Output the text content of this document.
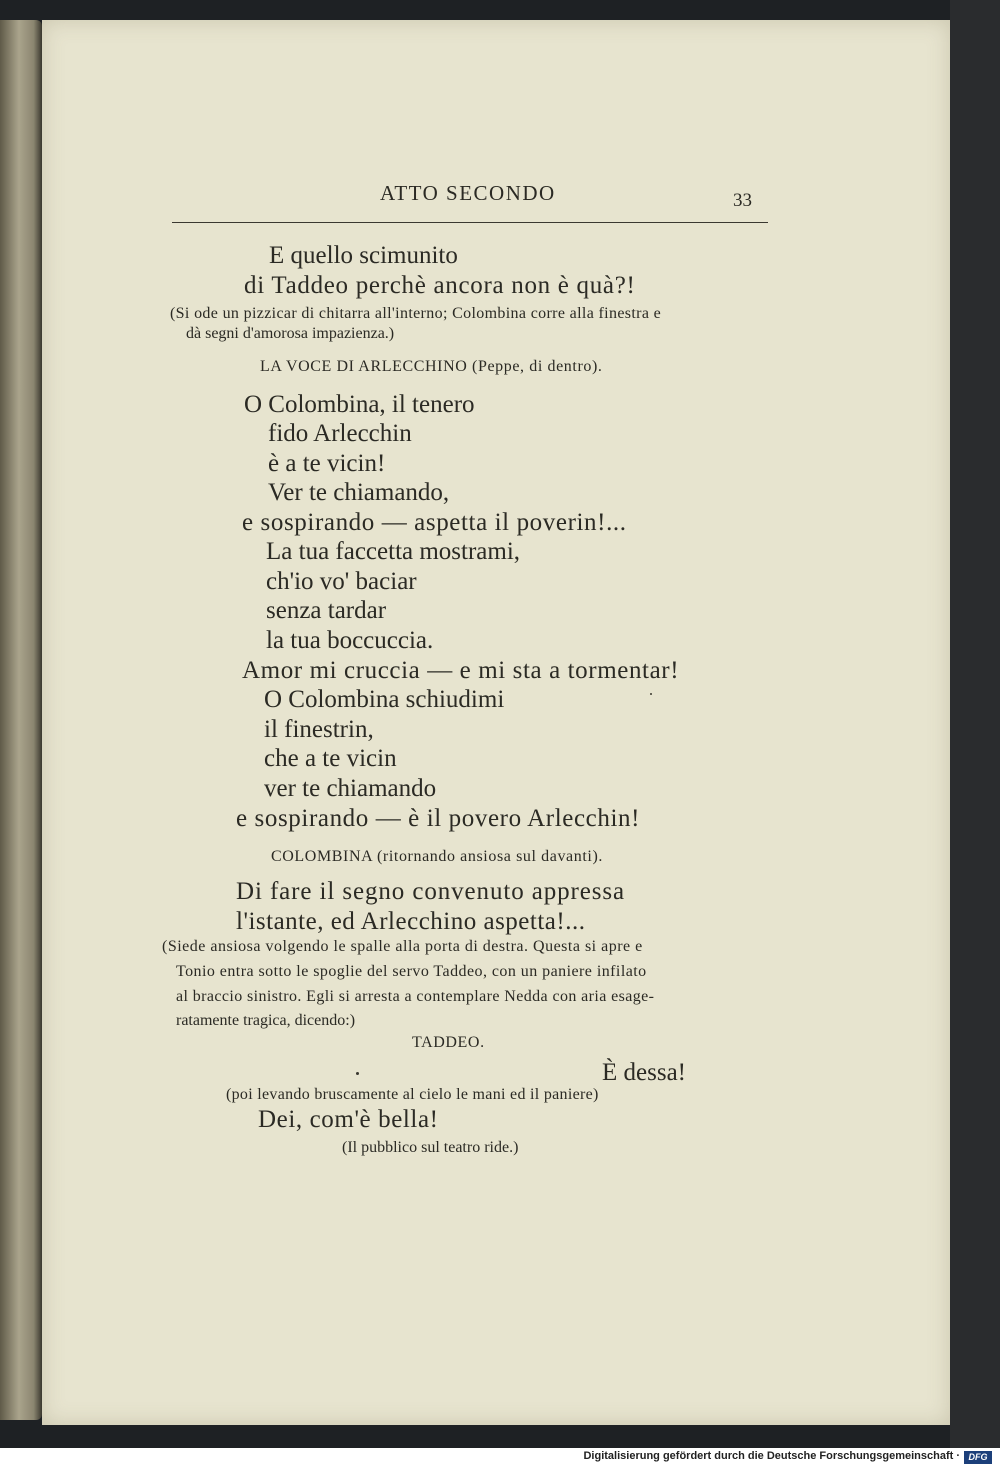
ATTO SECONDO	33
E quello scimunito
di Taddeo perchè ancora non è quà?!
(Si ode un pizzicar di chitarra all'interno; Colombina corre alla finestra e
dà segni d'amorosa impazienza.)
LA VOCE DI ARLECCHINO (Peppe, di dentro).
O Colombina, il tenero
fido Arlecchin
è a te vicin!
Ver te chiamando,
e sospirando — aspetta il poverin!...
La tua faccetta mostrami,
ch'io vo' baciar
senza tardar
la tua boccuccia.
Amor mi cruccia — e mi sta a tormentar!
O Colombina schiudimi
il finestrin,
che a te vicin
ver te chiamando
e sospirando — è il povero Arlecchin!
COLOMBINA (ritornando ansiosa sul davanti).
Di fare il segno convenuto appressa
l'istante, ed Arlecchino aspetta!...
(Siede ansiosa volgendo le spalle alla porta di destra. Questa si apre e
Tonio entra sotto le spoglie del servo Taddeo, con un paniere infilato
al braccio sinistro. Egli si arresta a contemplare Nedda con aria esage-
ratamente tragica, dicendo:)
TADDEO.
È dessa!
(poi levando bruscamente al cielo le mani ed il paniere)
Dei, com'è bella!
(Il pubblico sul teatro ride.)
Digitalisierung gefördert durch die Deutsche Forschungsgemeinschaft · DFG
